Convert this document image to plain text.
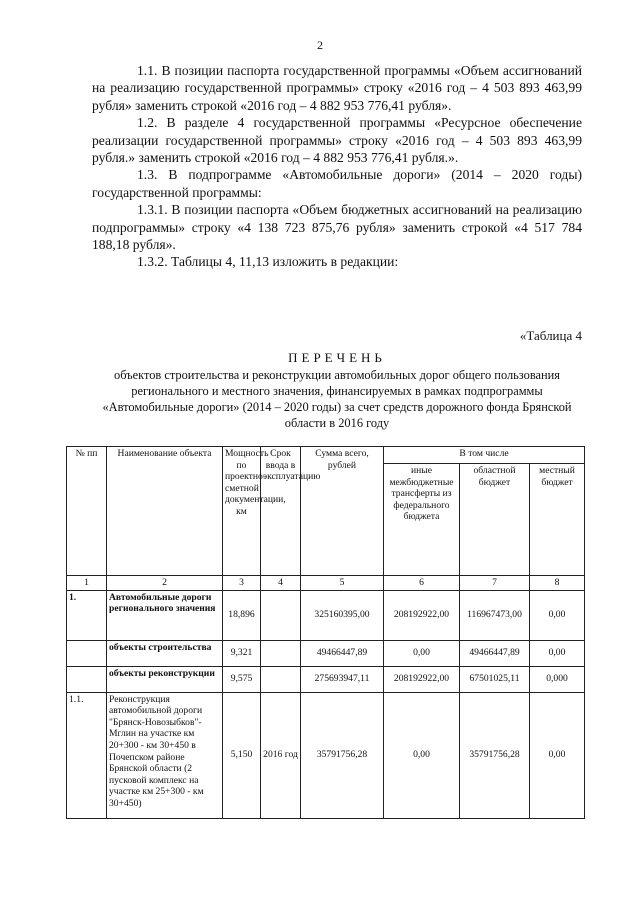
2

1.1. В позиции паспорта государственной программы «Объем ассигнований на реализацию государственной программы» строку «2016 год – 4 503 893 463,99 рубля» заменить строкой «2016 год – 4 882 953 776,41 рубля».

1.2. В разделе 4 государственной программы «Ресурсное обеспечение реализации государственной программы» строку «2016 год – 4 503 893 463,99 рубля.» заменить строкой «2016 год – 4 882 953 776,41 рубля.».

1.3. В подпрограмме «Автомобильные дороги» (2014 – 2020 годы) государственной программы:

1.3.1. В позиции паспорта «Объем бюджетных ассигнований на реализацию подпрограммы» строку «4 138 723 875,76 рубля» заменить строкой «4 517 784 188,18 рубля».

1.3.2. Таблицы 4, 11,13 изложить в редакции:

«Таблица 4
ПЕРЕЧЕНЬ
объектов строительства и реконструкции автомобильных дорог общего пользования регионального и местного значения, финансируемых в рамках подпрограммы «Автомобильные дороги» (2014 – 2020 годы) за счет средств дорожного фонда Брянской области в 2016 году
№ пп	Наименование объекта	Мощность по проектно-сметной документации, км	Срок ввода в эксплуатацию	Сумма всего, рублей	В том числе		
					иные межбюджетные трансферты из федерального бюджета	областной бюджет	местный бюджет
1	2	3	4	5	6	7	8
1.	Автомобильные дороги регионального значения	18,896		325160395,00	208192922,00	116967473,00	0,00
	объекты строительства	9,321		49466447,89	0,00	49466447,89	0,00
	объекты реконструкции	9,575		275693947,11	208192922,00	67501025,11	0,000
1.1.	Реконструкция автомобильной дороги "Брянск-Новозыбков"-Мглин на участке км 20+300 - км 30+450 в Почепском районе Брянской области (2 пусковой комплекс на участке км 25+300 - км 30+450)	5,150	2016 год	35791756,28	0,00	35791756,28	0,00
